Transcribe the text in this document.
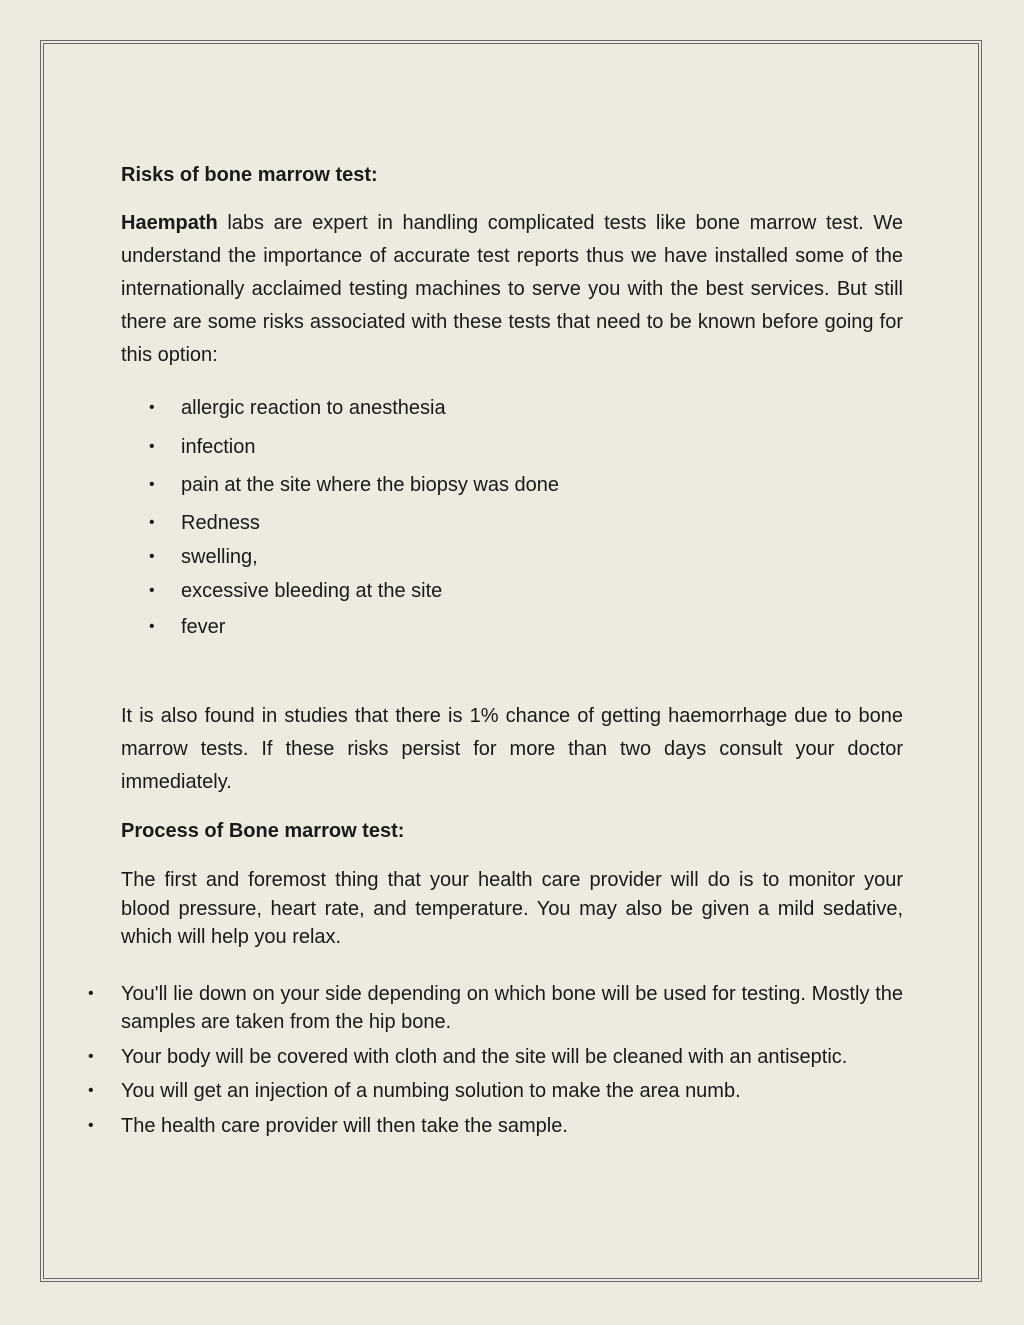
Risks of bone marrow test:

Haempath labs are expert in handling complicated tests like bone marrow test. We understand the importance of accurate test reports thus we have installed some of the internationally acclaimed testing machines to serve you with the best services. But still there are some risks associated with these tests that need to be known before going for this option:

• allergic reaction to anesthesia
• infection
• pain at the site where the biopsy was done
• Redness
• swelling,
• excessive bleeding at the site
• fever

It is also found in studies that there is 1% chance of getting haemorrhage due to bone marrow tests. If these risks persist for more than two days consult your doctor immediately.

Process of Bone marrow test:

The first and foremost thing that your health care provider will do is to monitor your blood pressure, heart rate, and temperature. You may also be given a mild sedative, which will help you relax.

• You'll lie down on your side depending on which bone will be used for testing. Mostly the samples are taken from the hip bone.
• Your body will be covered with cloth and the site will be cleaned with an antiseptic.
• You will get an injection of a numbing solution to make the area numb.
• The health care provider will then take the sample.
